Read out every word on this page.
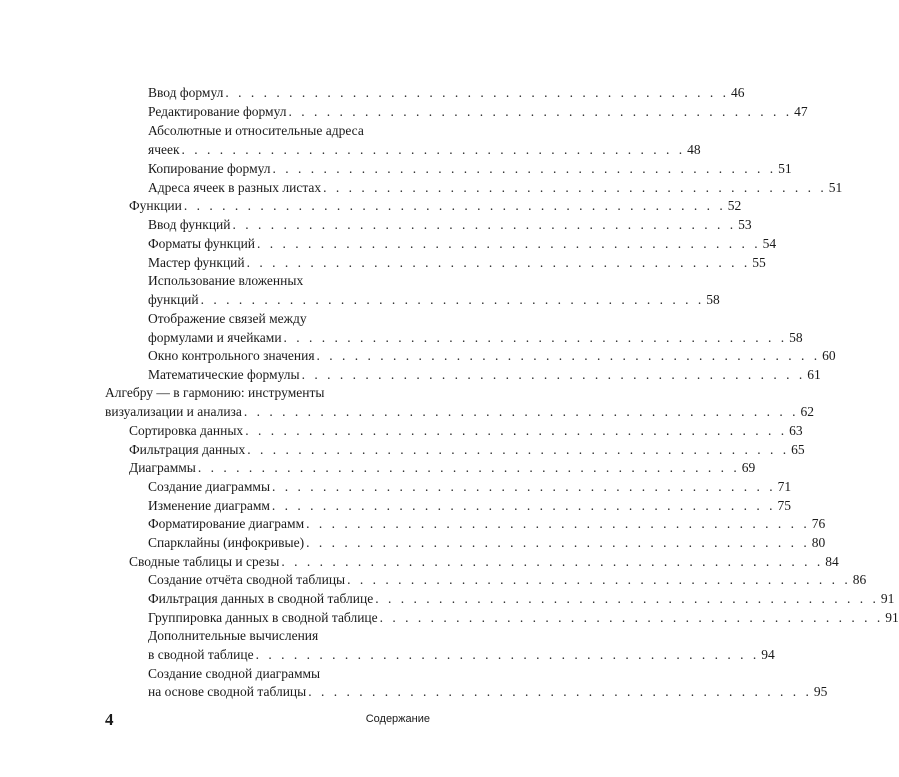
Ввод формул . . . . . . . . . . . . . . . . . . . . . . . . . . . . . . . . . . . . . . . . 46
Редактирование формул . . . . . . . . . . . . . . . . . . . . . . . . . . . . . . . . . . . . . . . . 47
Абсолютные и относительные адреса
ячеек . . . . . . . . . . . . . . . . . . . . . . . . . . . . . . . . . . . . . . . . 48
Копирование формул . . . . . . . . . . . . . . . . . . . . . . . . . . . . . . . . . . . . . . . . 51
Адреса ячеек в разных листах . . . . . . . . . . . . . . . . . . . . . . . . . . . . . . . . . . . . . . . . 51
Функции . . . . . . . . . . . . . . . . . . . . . . . . . . . . . . . . . . . . . . . . . . . 52
Ввод функций . . . . . . . . . . . . . . . . . . . . . . . . . . . . . . . . . . . . . . . . 53
Форматы функций . . . . . . . . . . . . . . . . . . . . . . . . . . . . . . . . . . . . . . . . 54
Мастер функций . . . . . . . . . . . . . . . . . . . . . . . . . . . . . . . . . . . . . . . . 55
Использование вложенных
функций . . . . . . . . . . . . . . . . . . . . . . . . . . . . . . . . . . . . . . . . 58
Отображение связей между
формулами и ячейками . . . . . . . . . . . . . . . . . . . . . . . . . . . . . . . . . . . . . . . . 58
Окно контрольного значения . . . . . . . . . . . . . . . . . . . . . . . . . . . . . . . . . . . . . . . . 60
Математические формулы . . . . . . . . . . . . . . . . . . . . . . . . . . . . . . . . . . . . . . . . 61
Алгебру — в гармонию: инструменты
визуализации и анализа . . . . . . . . . . . . . . . . . . . . . . . . . . . . . . . . . . . . . . . . . . . . 62
Сортировка данных . . . . . . . . . . . . . . . . . . . . . . . . . . . . . . . . . . . . . . . . . . . 63
Фильтрация данных . . . . . . . . . . . . . . . . . . . . . . . . . . . . . . . . . . . . . . . . . . . 65
Диаграммы . . . . . . . . . . . . . . . . . . . . . . . . . . . . . . . . . . . . . . . . . . . 69
Создание диаграммы . . . . . . . . . . . . . . . . . . . . . . . . . . . . . . . . . . . . . . . . 71
Изменение диаграмм . . . . . . . . . . . . . . . . . . . . . . . . . . . . . . . . . . . . . . . . 75
Форматирование диаграмм . . . . . . . . . . . . . . . . . . . . . . . . . . . . . . . . . . . . . . . . 76
Спарклайны (инфокривые) . . . . . . . . . . . . . . . . . . . . . . . . . . . . . . . . . . . . . . . . 80
Сводные таблицы и срезы . . . . . . . . . . . . . . . . . . . . . . . . . . . . . . . . . . . . . . . . . . . 84
Создание отчёта сводной таблицы . . . . . . . . . . . . . . . . . . . . . . . . . . . . . . . . . . . . . . . . 86
Фильтрация данных в сводной таблице . . . . . . . . . . . . . . . . . . . . . . . . . . . . . . . . . . . . . . . . 91
Группировка данных в сводной таблице . . . . . . . . . . . . . . . . . . . . . . . . . . . . . . . . . . . . . . . . 91
Дополнительные вычисления
в сводной таблице . . . . . . . . . . . . . . . . . . . . . . . . . . . . . . . . . . . . . . . . 94
Создание сводной диаграммы
на основе сводной таблицы . . . . . . . . . . . . . . . . . . . . . . . . . . . . . . . . . . . . . . . . 95
4	Содержание
